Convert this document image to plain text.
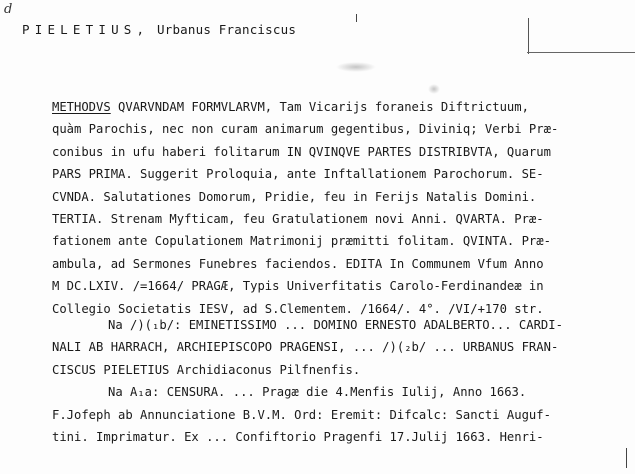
d
PIELETIUS, Urbanus Franciscus
METHODVS QVARVNDAM FORMVLARVM, Tam Vicarijs foraneis Diftrictuum,
quàm Parochis, nec non curam animarum gegentibus, Diviniq; Verbi Præ-
conibus in ufu haberi folitarum IN QVINQVE PARTES DISTRIBVTA, Quarum
PARS PRIMA. Suggerit Proloquia, ante Inftallationem Parochorum. SE-
CVNDA. Salutationes Domorum, Pridie, feu in Ferijs Natalis Domini.
TERTIA. Strenam Myfticam, feu Gratulationem novi Anni. QVARTA. Præ-
fationem ante Copulationem Matrimonij præmitti folitam. QVINTA. Præ-
ambula, ad Sermones Funebres faciendos. EDITA In Communem Vfum Anno
M DC.LXIV. /=1664/ PRAGÆ, Typis Univerfitatis Carolo-Ferdinandeæ in
Collegio Societatis IESV, ad S.Clementem. /1664/. 4°. /VI/+170 str.
Na /)(₁b/: EMINETISSIMO ... DOMINO ERNESTO ADALBERTO... CARDI-
NALI AB HARRACH, ARCHIEPISCOPO PRAGENSI, ... /)(₂b/ ... URBANUS FRAN-
CISCUS PIELETIUS Archidiaconus Pilfnenfis.
Na A₁a: CENSURA. ... Pragæ die 4.Menfis Iulij, Anno 1663.
F.Jofeph ab Annunciatione B.V.M. Ord: Eremit: Difcalc: Sancti Auguf-
tini. Imprimatur. Ex ... Confiftorio Pragenfi 17.Julij 1663. Henri-
